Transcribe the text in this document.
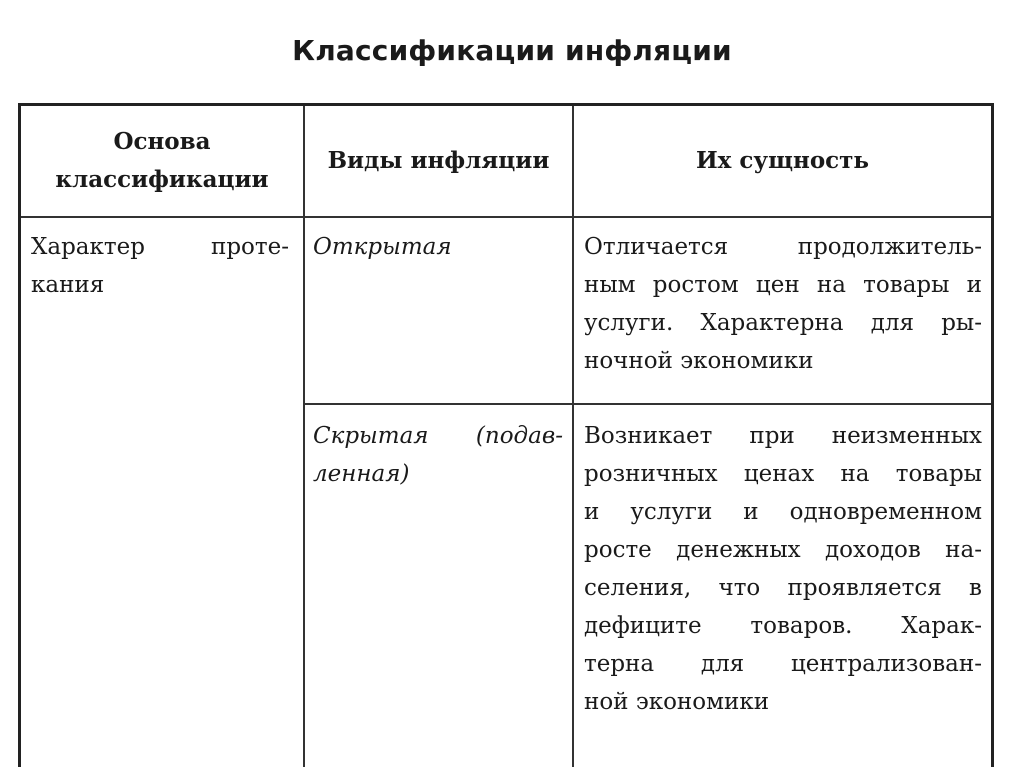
Классификации инфляции
Основа
классификации
Виды инфляции	Их сущность
Характер проте-
кания
Открытая	Отличается продолжитель-
ным ростом цен на товары и
услуги. Характерна для ры-
ночной экономики
Скрытая (подав-
ленная)
Возникает при неизменных
розничных ценах на товары
и услуги и одновременном
росте денежных доходов на-
селения, что проявляется в
дефиците товаров. Харак-
терна для централизован-
ной экономики
